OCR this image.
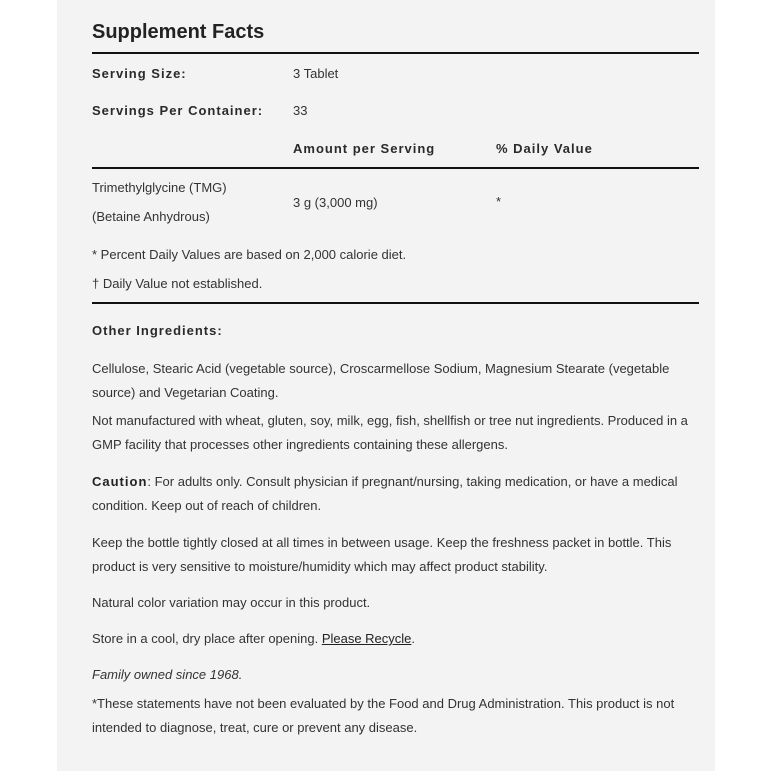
Supplement Facts
Serving Size:	3 Tablet
Servings Per Container: 33
Amount per Serving	% Daily Value
Trimethylglycine (TMG)
(Betaine Anhydrous)
3 g (3,000 mg)	*
* Percent Daily Values are based on 2,000 calorie diet.
† Daily Value not established.
Other Ingredients:
Cellulose, Stearic Acid (vegetable source), Croscarmellose Sodium, Magnesium Stearate (vegetable source) and Vegetarian Coating.
Not manufactured with wheat, gluten, soy, milk, egg, fish, shellfish or tree nut ingredients. Produced in a GMP facility that processes other ingredients containing these allergens.
Caution: For adults only. Consult physician if pregnant/nursing, taking medication, or have a medical condition. Keep out of reach of children.
Keep the bottle tightly closed at all times in between usage. Keep the freshness packet in bottle. This product is very sensitive to moisture/humidity which may affect product stability.
Natural color variation may occur in this product.
Store in a cool, dry place after opening. Please Recycle.
Family owned since 1968.
*These statements have not been evaluated by the Food and Drug Administration. This product is not intended to diagnose, treat, cure or prevent any disease.
